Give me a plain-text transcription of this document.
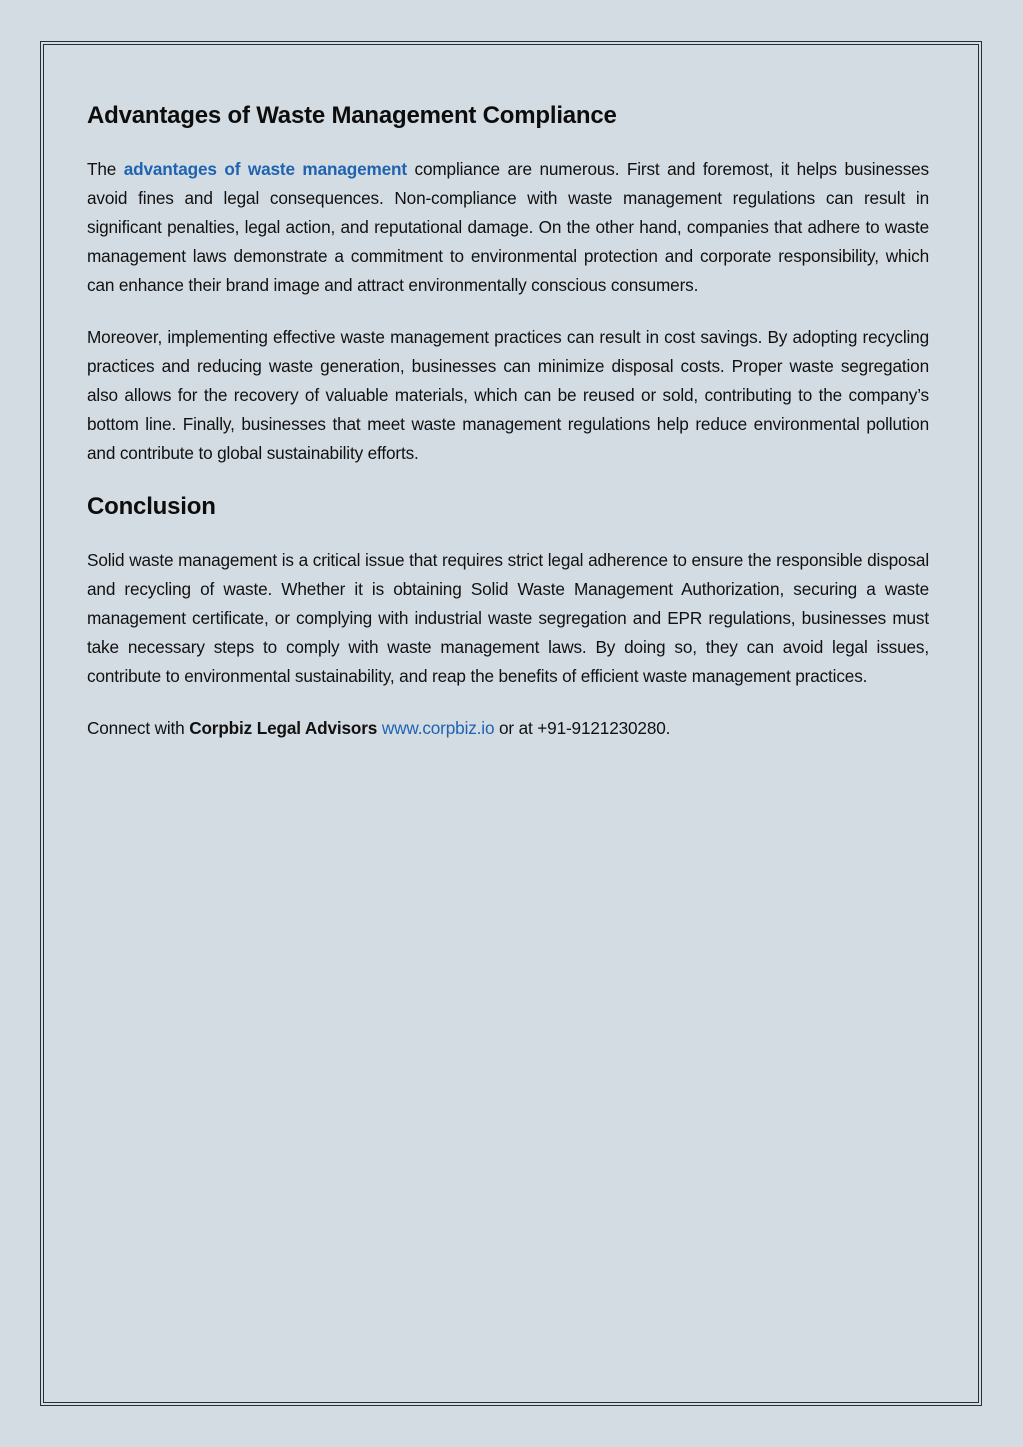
Advantages of Waste Management Compliance

The advantages of waste management compliance are numerous. First and foremost, it helps businesses avoid fines and legal consequences. Non-compliance with waste management regulations can result in significant penalties, legal action, and reputational damage. On the other hand, companies that adhere to waste management laws demonstrate a commitment to environmental protection and corporate responsibility, which can enhance their brand image and attract environmentally conscious consumers.

Moreover, implementing effective waste management practices can result in cost savings. By adopting recycling practices and reducing waste generation, businesses can minimize disposal costs. Proper waste segregation also allows for the recovery of valuable materials, which can be reused or sold, contributing to the company’s bottom line. Finally, businesses that meet waste management regulations help reduce environmental pollution and contribute to global sustainability efforts.

Conclusion

Solid waste management is a critical issue that requires strict legal adherence to ensure the responsible disposal and recycling of waste. Whether it is obtaining Solid Waste Management Authorization, securing a waste management certificate, or complying with industrial waste segregation and EPR regulations, businesses must take necessary steps to comply with waste management laws. By doing so, they can avoid legal issues, contribute to environmental sustainability, and reap the benefits of efficient waste management practices.

Connect with Corpbiz Legal Advisors www.corpbiz.io or at +91-9121230280.
